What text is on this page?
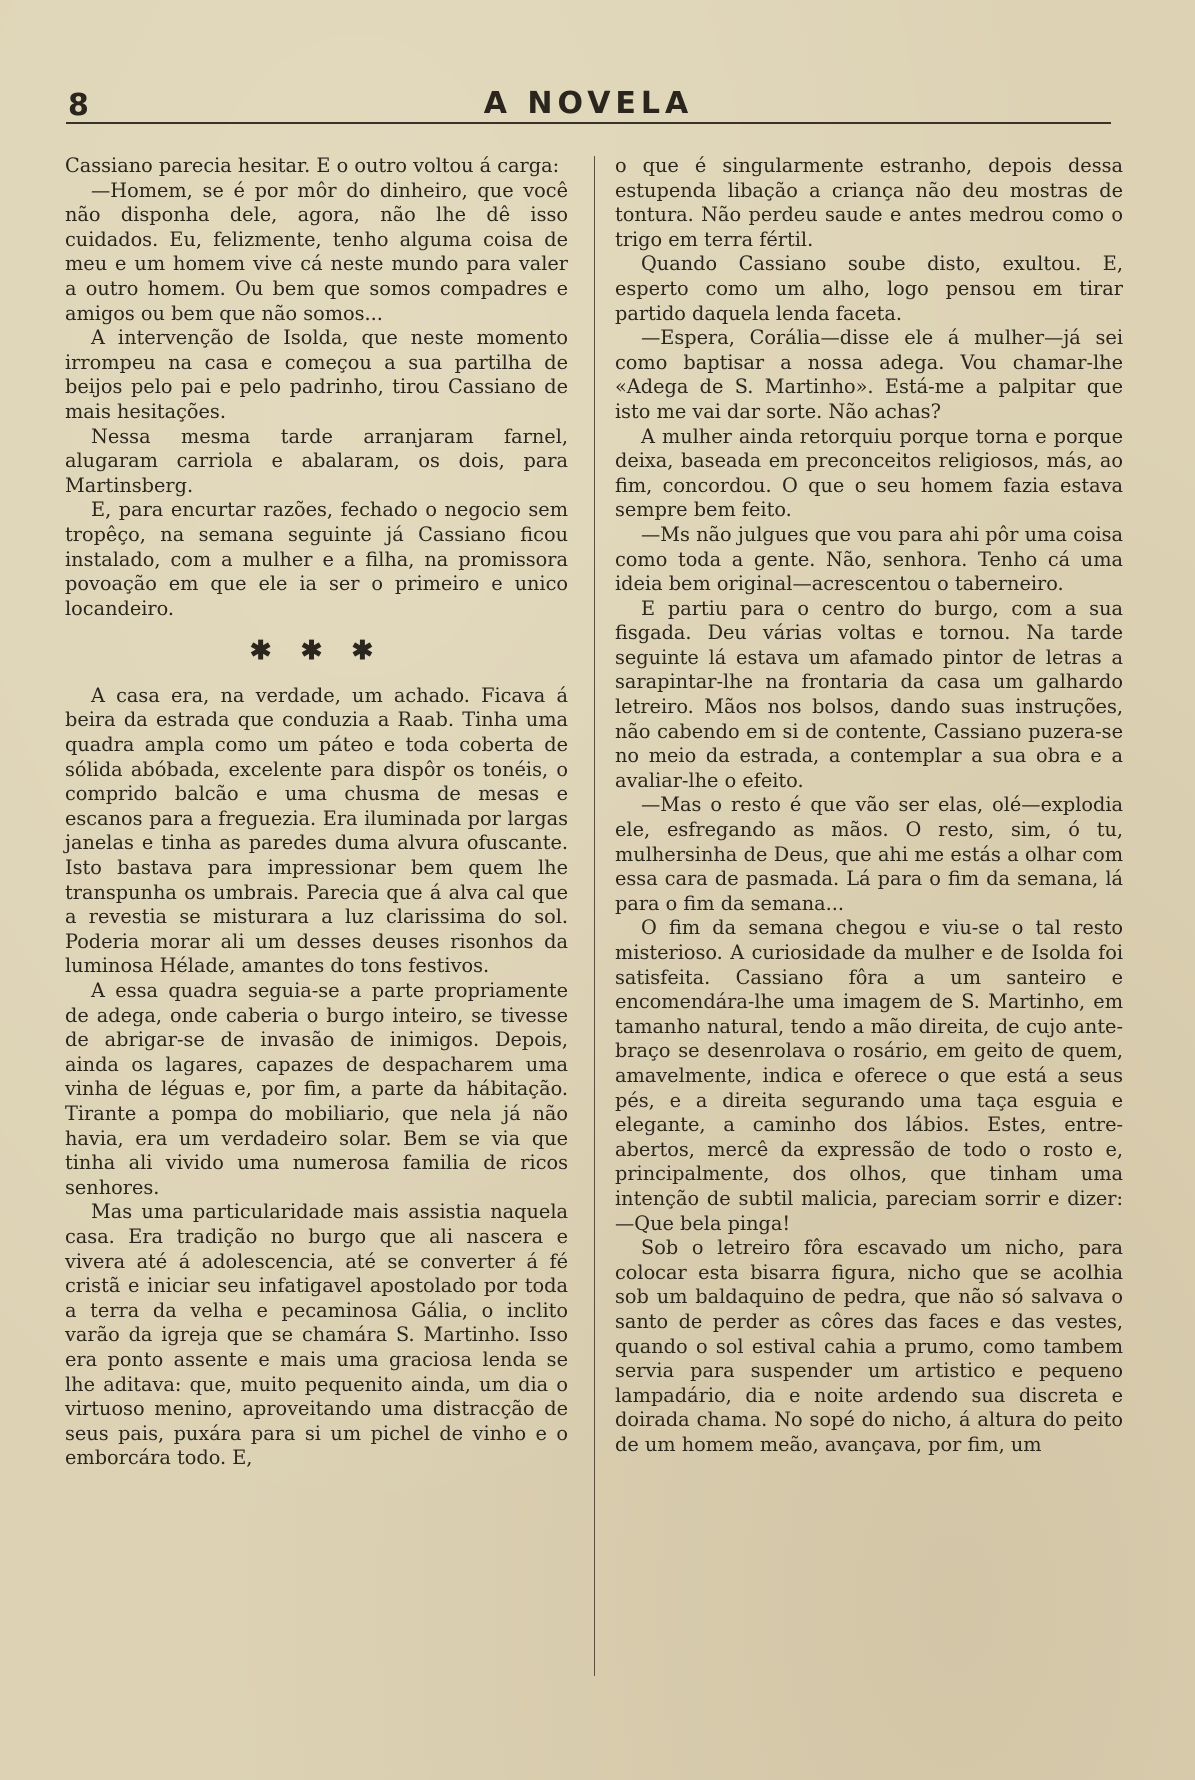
8	A NOVELA

Cassiano parecia hesitar. E o outro voltou á carga:

—Homem, se é por môr do dinheiro, que você não disponha dele, agora, não lhe dê isso cuidados. Eu, felizmente, tenho alguma coisa de meu e um homem vive cá neste mundo para valer a outro homem. Ou bem que somos compadres e amigos ou bem que não somos...

A intervenção de Isolda, que neste momento irrompeu na casa e começou a sua partilha de beijos pelo pai e pelo padrinho, tirou Cassiano de mais hesitações.

Nessa mesma tarde arranjaram farnel, alugaram carriola e abalaram, os dois, para Martinsberg.

E, para encurtar razões, fechado o negocio sem tropêço, na semana seguinte já Cassiano ficou instalado, com a mulher e a filha, na promissora povoação em que ele ia ser o primeiro e unico locandeiro.

✱ ✱ ✱

A casa era, na verdade, um achado. Ficava á beira da estrada que conduzia a Raab. Tinha uma quadra ampla como um páteo e toda coberta de sólida abóbada, excelente para dispôr os tonéis, o comprido balcão e uma chusma de mesas e escanos para a freguezia. Era iluminada por largas janelas e tinha as paredes duma alvura ofuscante. Isto bastava para impressionar bem quem lhe transpunha os umbrais. Parecia que á alva cal que a revestia se misturara a luz clarissima do sol. Poderia morar ali um desses deuses risonhos da luminosa Hélade, amantes do tons festivos.

A essa quadra seguia-se a parte propriamente de adega, onde caberia o burgo inteiro, se tivesse de abrigar-se de invasão de inimigos. Depois, ainda os lagares, capazes de despacharem uma vinha de léguas e, por fim, a parte da hábitação. Tirante a pompa do mobiliario, que nela já não havia, era um verdadeiro solar. Bem se via que tinha ali vivido uma numerosa familia de ricos senhores.

Mas uma particularidade mais assistia naquela casa. Era tradição no burgo que ali nascera e vivera até á adolescencia, até se converter á fé cristã e iniciar seu infatigavel apostolado por toda a terra da velha e pecaminosa Gália, o inclito varão da igreja que se chamára S. Martinho. Isso era ponto assente e mais uma graciosa lenda se lhe aditava: que, muito pequenito ainda, um dia o virtuoso menino, aproveitando uma distracção de seus pais, puxára para si um pichel de vinho e o emborcára todo. E,

o que é singularmente estranho, depois dessa estupenda libação a criança não deu mostras de tontura. Não perdeu saude e antes medrou como o trigo em terra fértil.

Quando Cassiano soube disto, exultou. E, esperto como um alho, logo pensou em tirar partido daquela lenda faceta.

—Espera, Corália—disse ele á mulher—já sei como baptisar a nossa adega. Vou chamar-lhe «Adega de S. Martinho». Está-me a palpitar que isto me vai dar sorte. Não achas?

A mulher ainda retorquiu porque torna e porque deixa, baseada em preconceitos religiosos, más, ao fim, concordou. O que o seu homem fazia estava sempre bem feito.

—Ms não julgues que vou para ahi pôr uma coisa como toda a gente. Não, senhora. Tenho cá uma ideia bem original—acrescentou o taberneiro.

E partiu para o centro do burgo, com a sua fisgada. Deu várias voltas e tornou. Na tarde seguinte lá estava um afamado pintor de letras a sarapintar-lhe na frontaria da casa um galhardo letreiro. Mãos nos bolsos, dando suas instruções, não cabendo em si de contente, Cassiano puzera-se no meio da estrada, a contemplar a sua obra e a avaliar-lhe o efeito.

—Mas o resto é que vão ser elas, olé—explodia ele, esfregando as mãos. O resto, sim, ó tu, mulhersinha de Deus, que ahi me estás a olhar com essa cara de pasmada. Lá para o fim da semana, lá para o fim da semana...

O fim da semana chegou e viu-se o tal resto misterioso. A curiosidade da mulher e de Isolda foi satisfeita. Cassiano fôra a um santeiro e encomendára-lhe uma imagem de S. Martinho, em tamanho natural, tendo a mão direita, de cujo ante-braço se desenrolava o rosário, em geito de quem, amavelmente, indica e oferece o que está a seus pés, e a direita segurando uma taça esguia e elegante, a caminho dos lábios. Estes, entre-abertos, mercê da expressão de todo o rosto e, principalmente, dos olhos, que tinham uma intenção de subtil malicia, pareciam sorrir e dizer:—Que bela pinga!

Sob o letreiro fôra escavado um nicho, para colocar esta bisarra figura, nicho que se acolhia sob um baldaquino de pedra, que não só salvava o santo de perder as côres das faces e das vestes, quando o sol estival cahia a prumo, como tambem servia para suspender um artistico e pequeno lampadário, dia e noite ardendo sua discreta e doirada chama. No sopé do nicho, á altura do peito de um homem meão, avançava, por fim, um
